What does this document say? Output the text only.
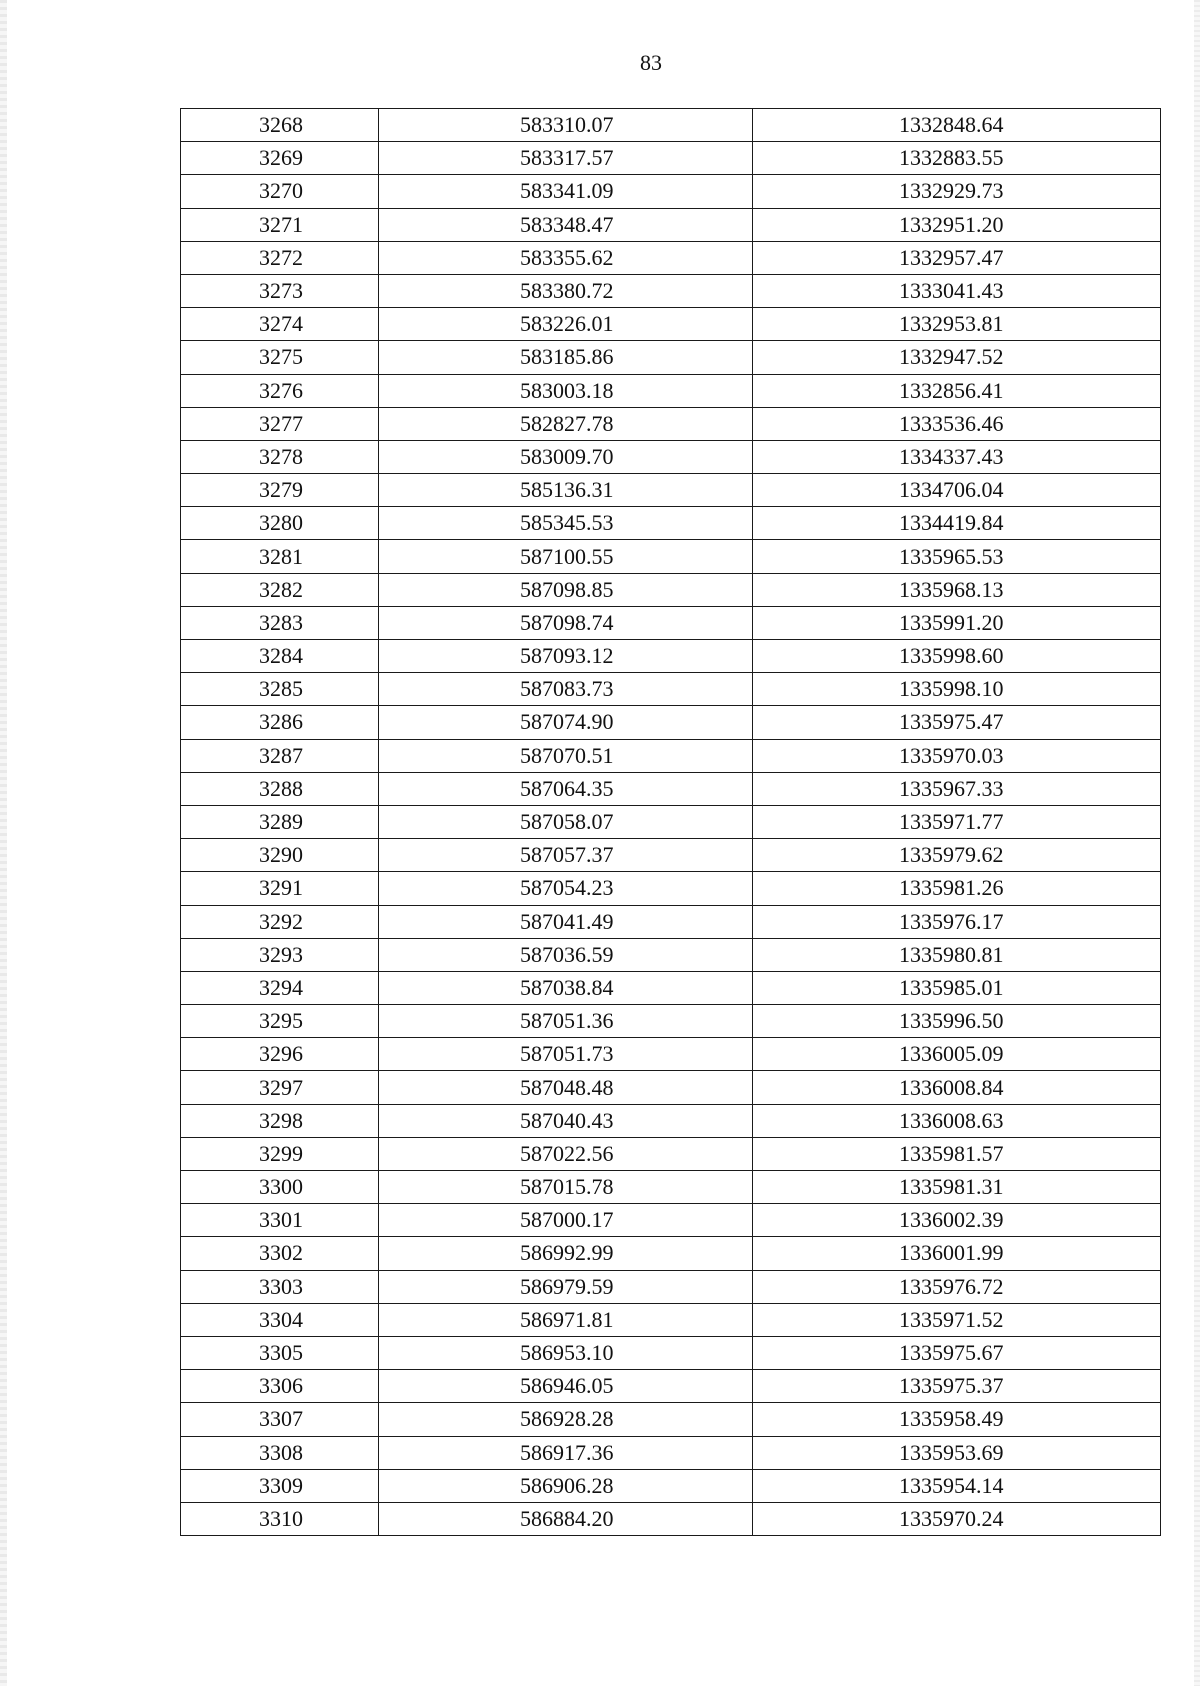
83
3268	583310.07	1332848.64
3269	583317.57	1332883.55
3270	583341.09	1332929.73
3271	583348.47	1332951.20
3272	583355.62	1332957.47
3273	583380.72	1333041.43
3274	583226.01	1332953.81
3275	583185.86	1332947.52
3276	583003.18	1332856.41
3277	582827.78	1333536.46
3278	583009.70	1334337.43
3279	585136.31	1334706.04
3280	585345.53	1334419.84
3281	587100.55	1335965.53
3282	587098.85	1335968.13
3283	587098.74	1335991.20
3284	587093.12	1335998.60
3285	587083.73	1335998.10
3286	587074.90	1335975.47
3287	587070.51	1335970.03
3288	587064.35	1335967.33
3289	587058.07	1335971.77
3290	587057.37	1335979.62
3291	587054.23	1335981.26
3292	587041.49	1335976.17
3293	587036.59	1335980.81
3294	587038.84	1335985.01
3295	587051.36	1335996.50
3296	587051.73	1336005.09
3297	587048.48	1336008.84
3298	587040.43	1336008.63
3299	587022.56	1335981.57
3300	587015.78	1335981.31
3301	587000.17	1336002.39
3302	586992.99	1336001.99
3303	586979.59	1335976.72
3304	586971.81	1335971.52
3305	586953.10	1335975.67
3306	586946.05	1335975.37
3307	586928.28	1335958.49
3308	586917.36	1335953.69
3309	586906.28	1335954.14
3310	586884.20	1335970.24
